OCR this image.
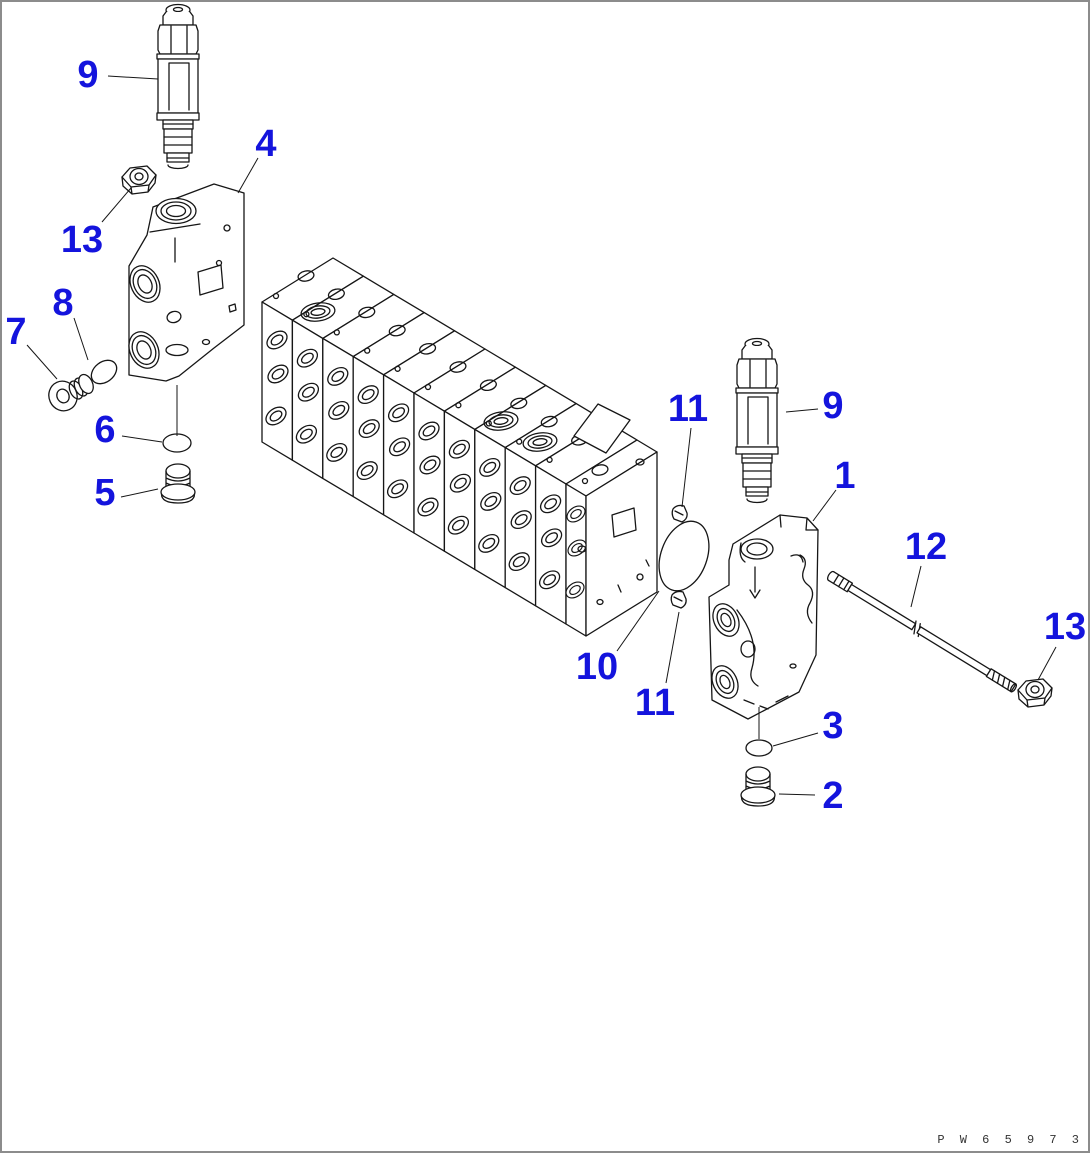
9
4
13
8
7
6
5
11	9
1
12
13
10
11
3
2
P W 6 5 9 7 3
